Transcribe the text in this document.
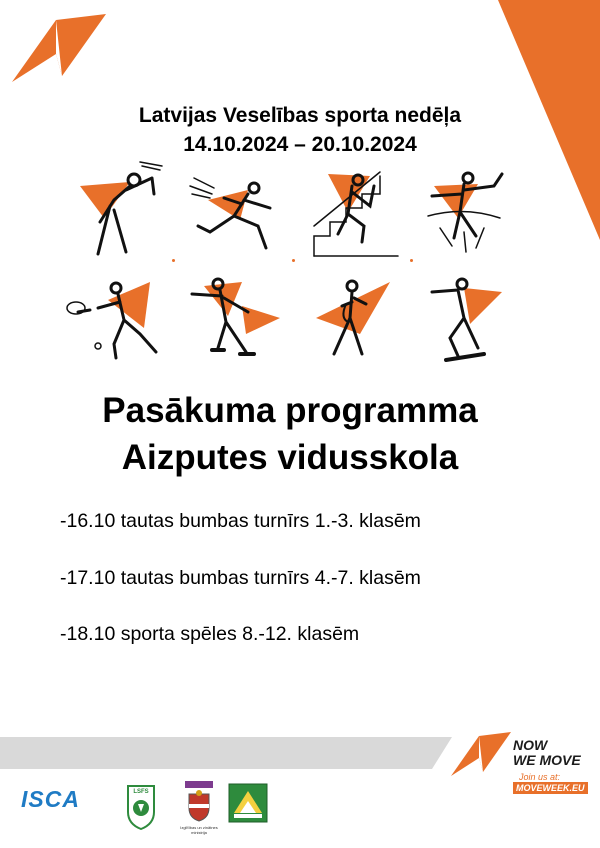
Latvijas Veselības sporta nedēļa
14.10.2024 – 20.10.2024
Pasākuma programma
Aizputes vidusskola
-16.10 tautas bumbas turnīrs 1.-3. klasēm
-17.10 tautas bumbas turnīrs 4.-7. klasēm
-18.10 sporta spēles 8.-12. klasēm
NOW
WE MOVE
Join us at:
MOVEWEEK.EU
ISCA	LSFS
Izglītības un zinātnes ministrija
